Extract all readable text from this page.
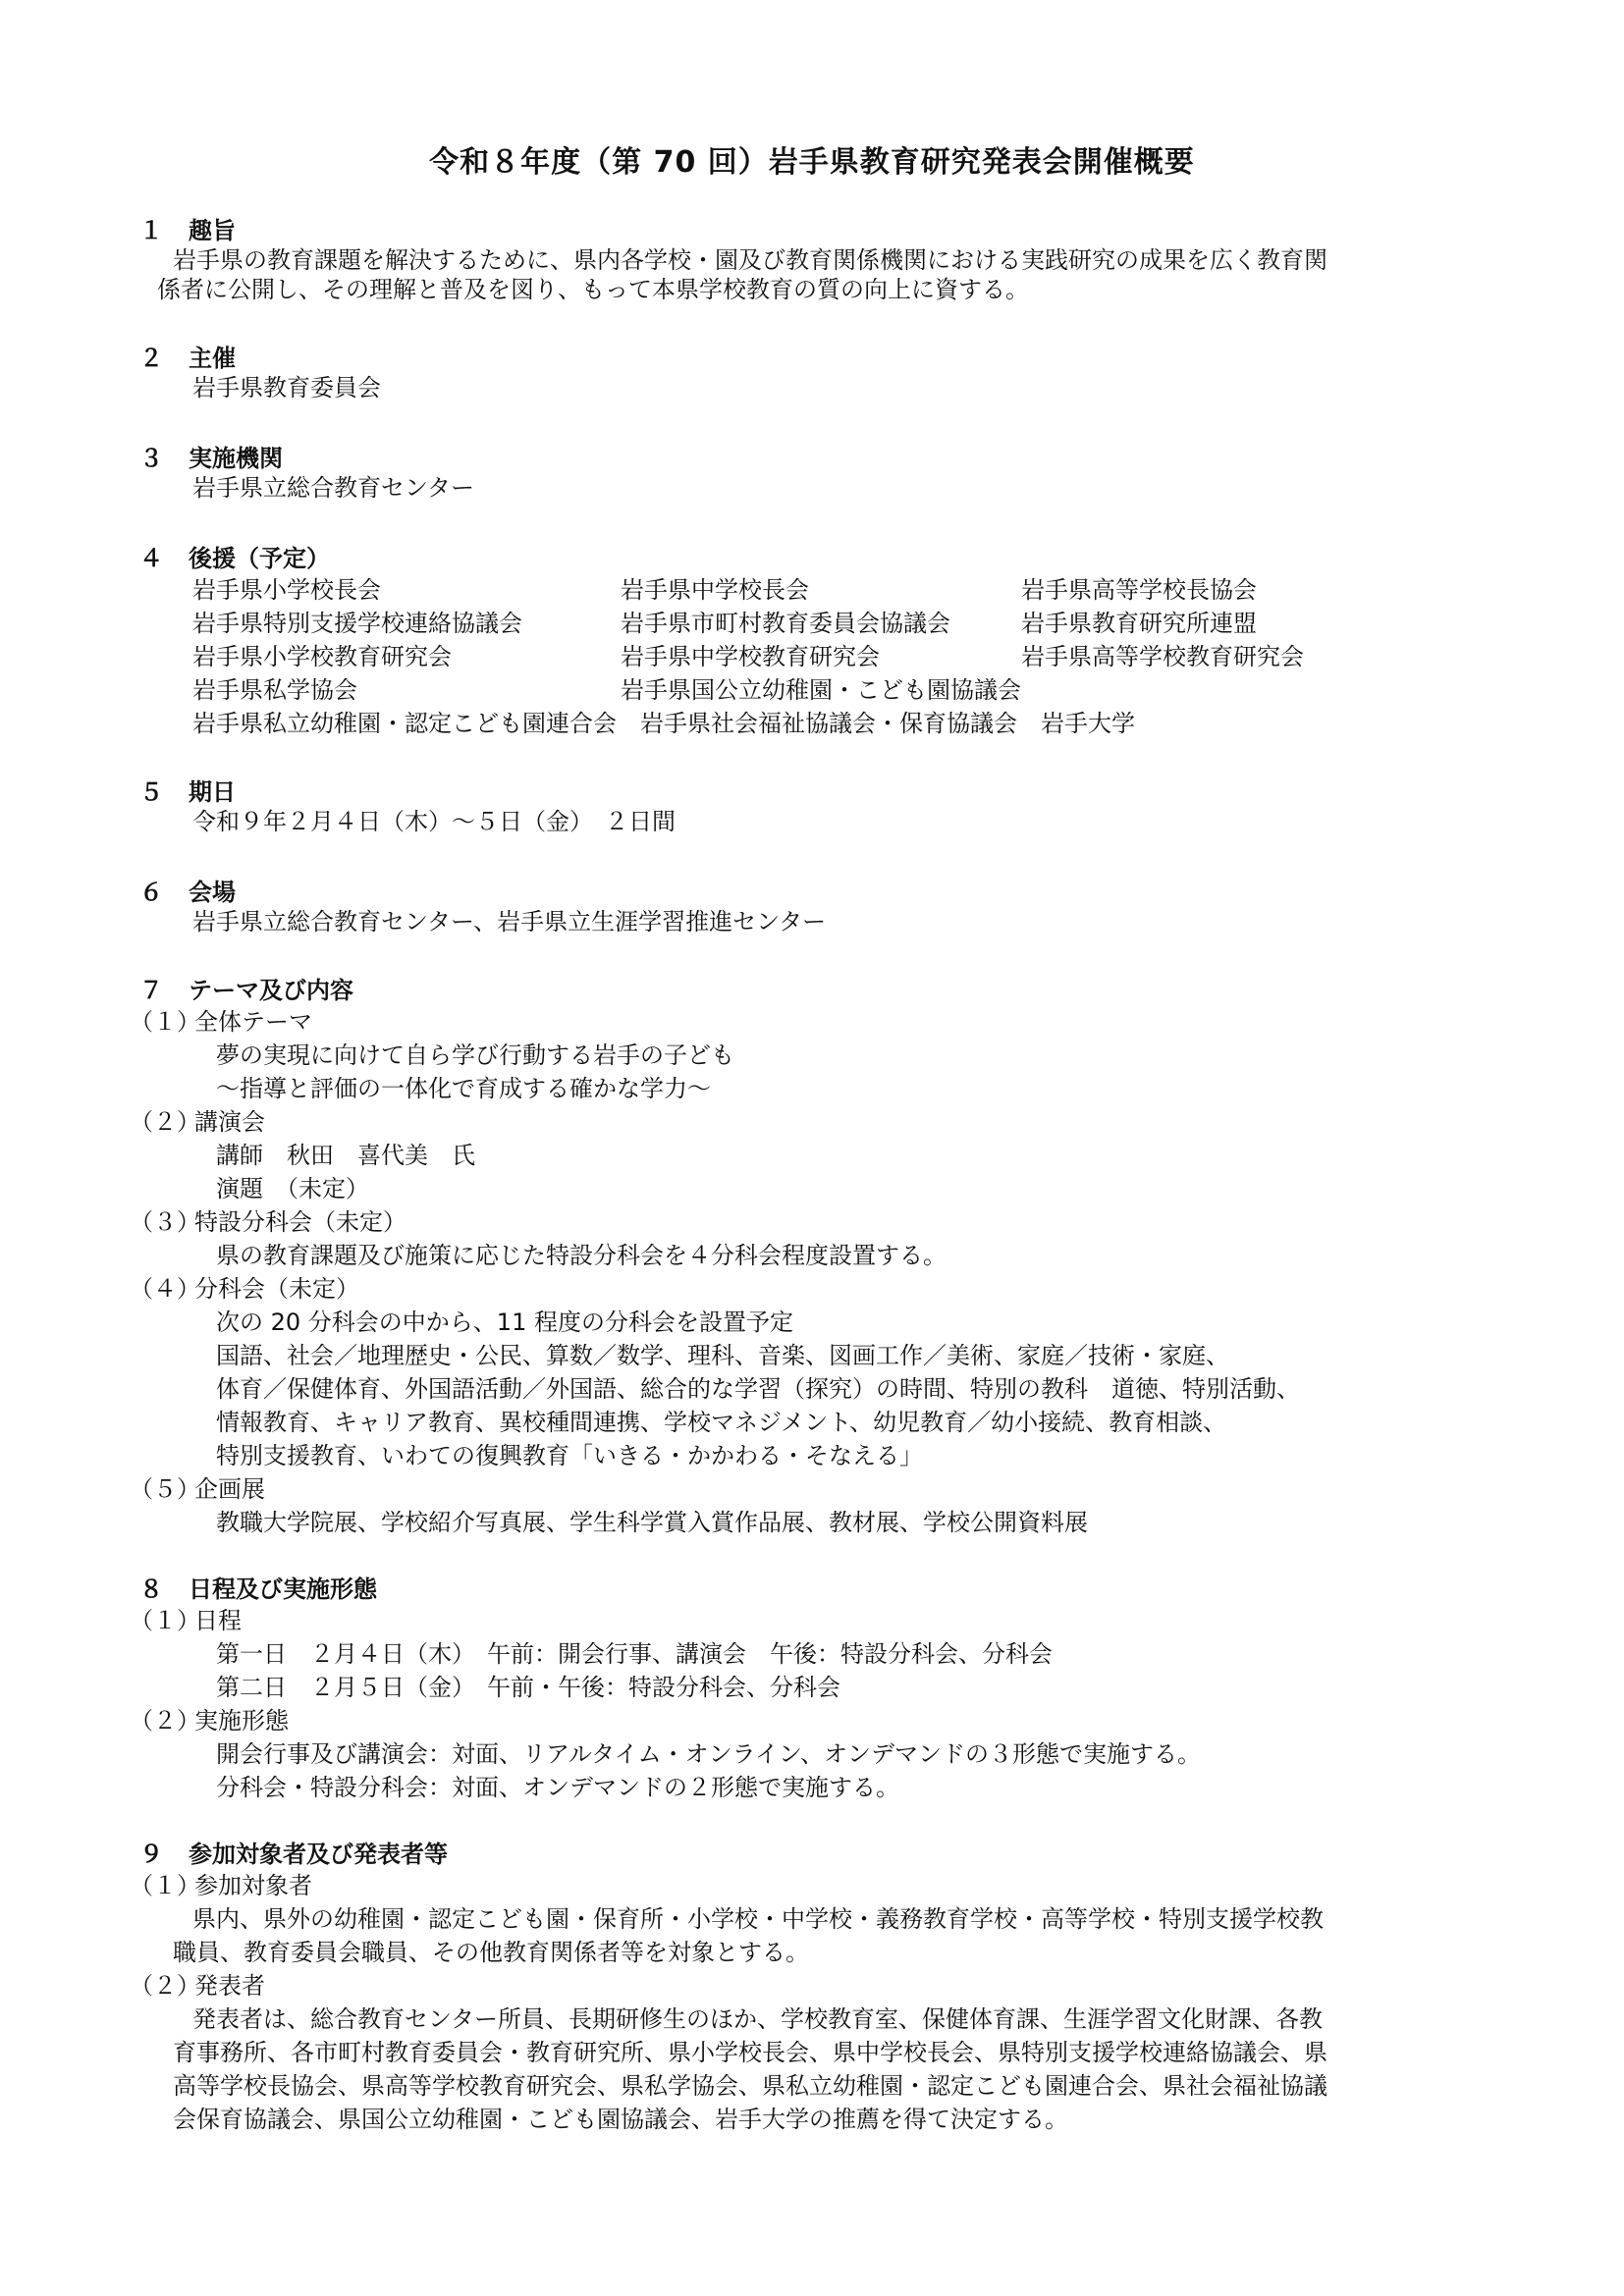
令和８年度（第 70 回）岩手県教育研究発表会開催概要
１ 趣旨
岩手県の教育課題を解決するために、県内各学校・園及び教育関係機関における実践研究の成果を広く教育関
係者に公開し、その理解と普及を図り、もって本県学校教育の質の向上に資する。
２ 主催
岩手県教育委員会
３ 実施機関
岩手県立総合教育センター
４ 後援（予定）
岩手県小学校長会	岩手県中学校長会	岩手県高等学校長協会
岩手県特別支援学校連絡協議会	岩手県市町村教育委員会協議会	岩手県教育研究所連盟
岩手県小学校教育研究会	岩手県中学校教育研究会	岩手県高等学校教育研究会
岩手県私学協会	岩手県国公立幼稚園・こども園協議会
岩手県私立幼稚園・認定こども園連合会　岩手県社会福祉協議会・保育協議会　岩手大学
５ 期日
令和９年２月４日（木）～５日（金）　２日間
６ 会場
岩手県立総合教育センター、岩手県立生涯学習推進センター
７ テーマ及び内容
（１）全体テーマ
夢の実現に向けて自ら学び行動する岩手の子ども
～指導と評価の一体化で育成する確かな学力～
（２）講演会
講師　秋田　喜代美　氏
演題　（未定）
（３）特設分科会（未定）
県の教育課題及び施策に応じた特設分科会を４分科会程度設置する。
（４）分科会（未定）
次の 20 分科会の中から、11 程度の分科会を設置予定
国語、社会／地理歴史・公民、算数／数学、理科、音楽、図画工作／美術、家庭／技術・家庭、
体育／保健体育、外国語活動／外国語、総合的な学習（探究）の時間、特別の教科　道徳、特別活動、
情報教育、キャリア教育、異校種間連携、学校マネジメント、幼児教育／幼小接続、教育相談、
特別支援教育、いわての復興教育「いきる・かかわる・そなえる」
（５）企画展
教職大学院展、学校紹介写真展、学生科学賞入賞作品展、教材展、学校公開資料展
８ 日程及び実施形態
（１）日程
第一日　２月４日（木）　午前：開会行事、講演会　午後：特設分科会、分科会
第二日　２月５日（金）　午前・午後：特設分科会、分科会
（２）実施形態
開会行事及び講演会：対面、リアルタイム・オンライン、オンデマンドの３形態で実施する。
分科会・特設分科会：対面、オンデマンドの２形態で実施する。
９ 参加対象者及び発表者等
（１）参加対象者
県内、県外の幼稚園・認定こども園・保育所・小学校・中学校・義務教育学校・高等学校・特別支援学校教
職員、教育委員会職員、その他教育関係者等を対象とする。
（２）発表者
発表者は、総合教育センター所員、長期研修生のほか、学校教育室、保健体育課、生涯学習文化財課、各教
育事務所、各市町村教育委員会・教育研究所、県小学校長会、県中学校長会、県特別支援学校連絡協議会、県
高等学校長協会、県高等学校教育研究会、県私学協会、県私立幼稚園・認定こども園連合会、県社会福祉協議
会保育協議会、県国公立幼稚園・こども園協議会、岩手大学の推薦を得て決定する。
